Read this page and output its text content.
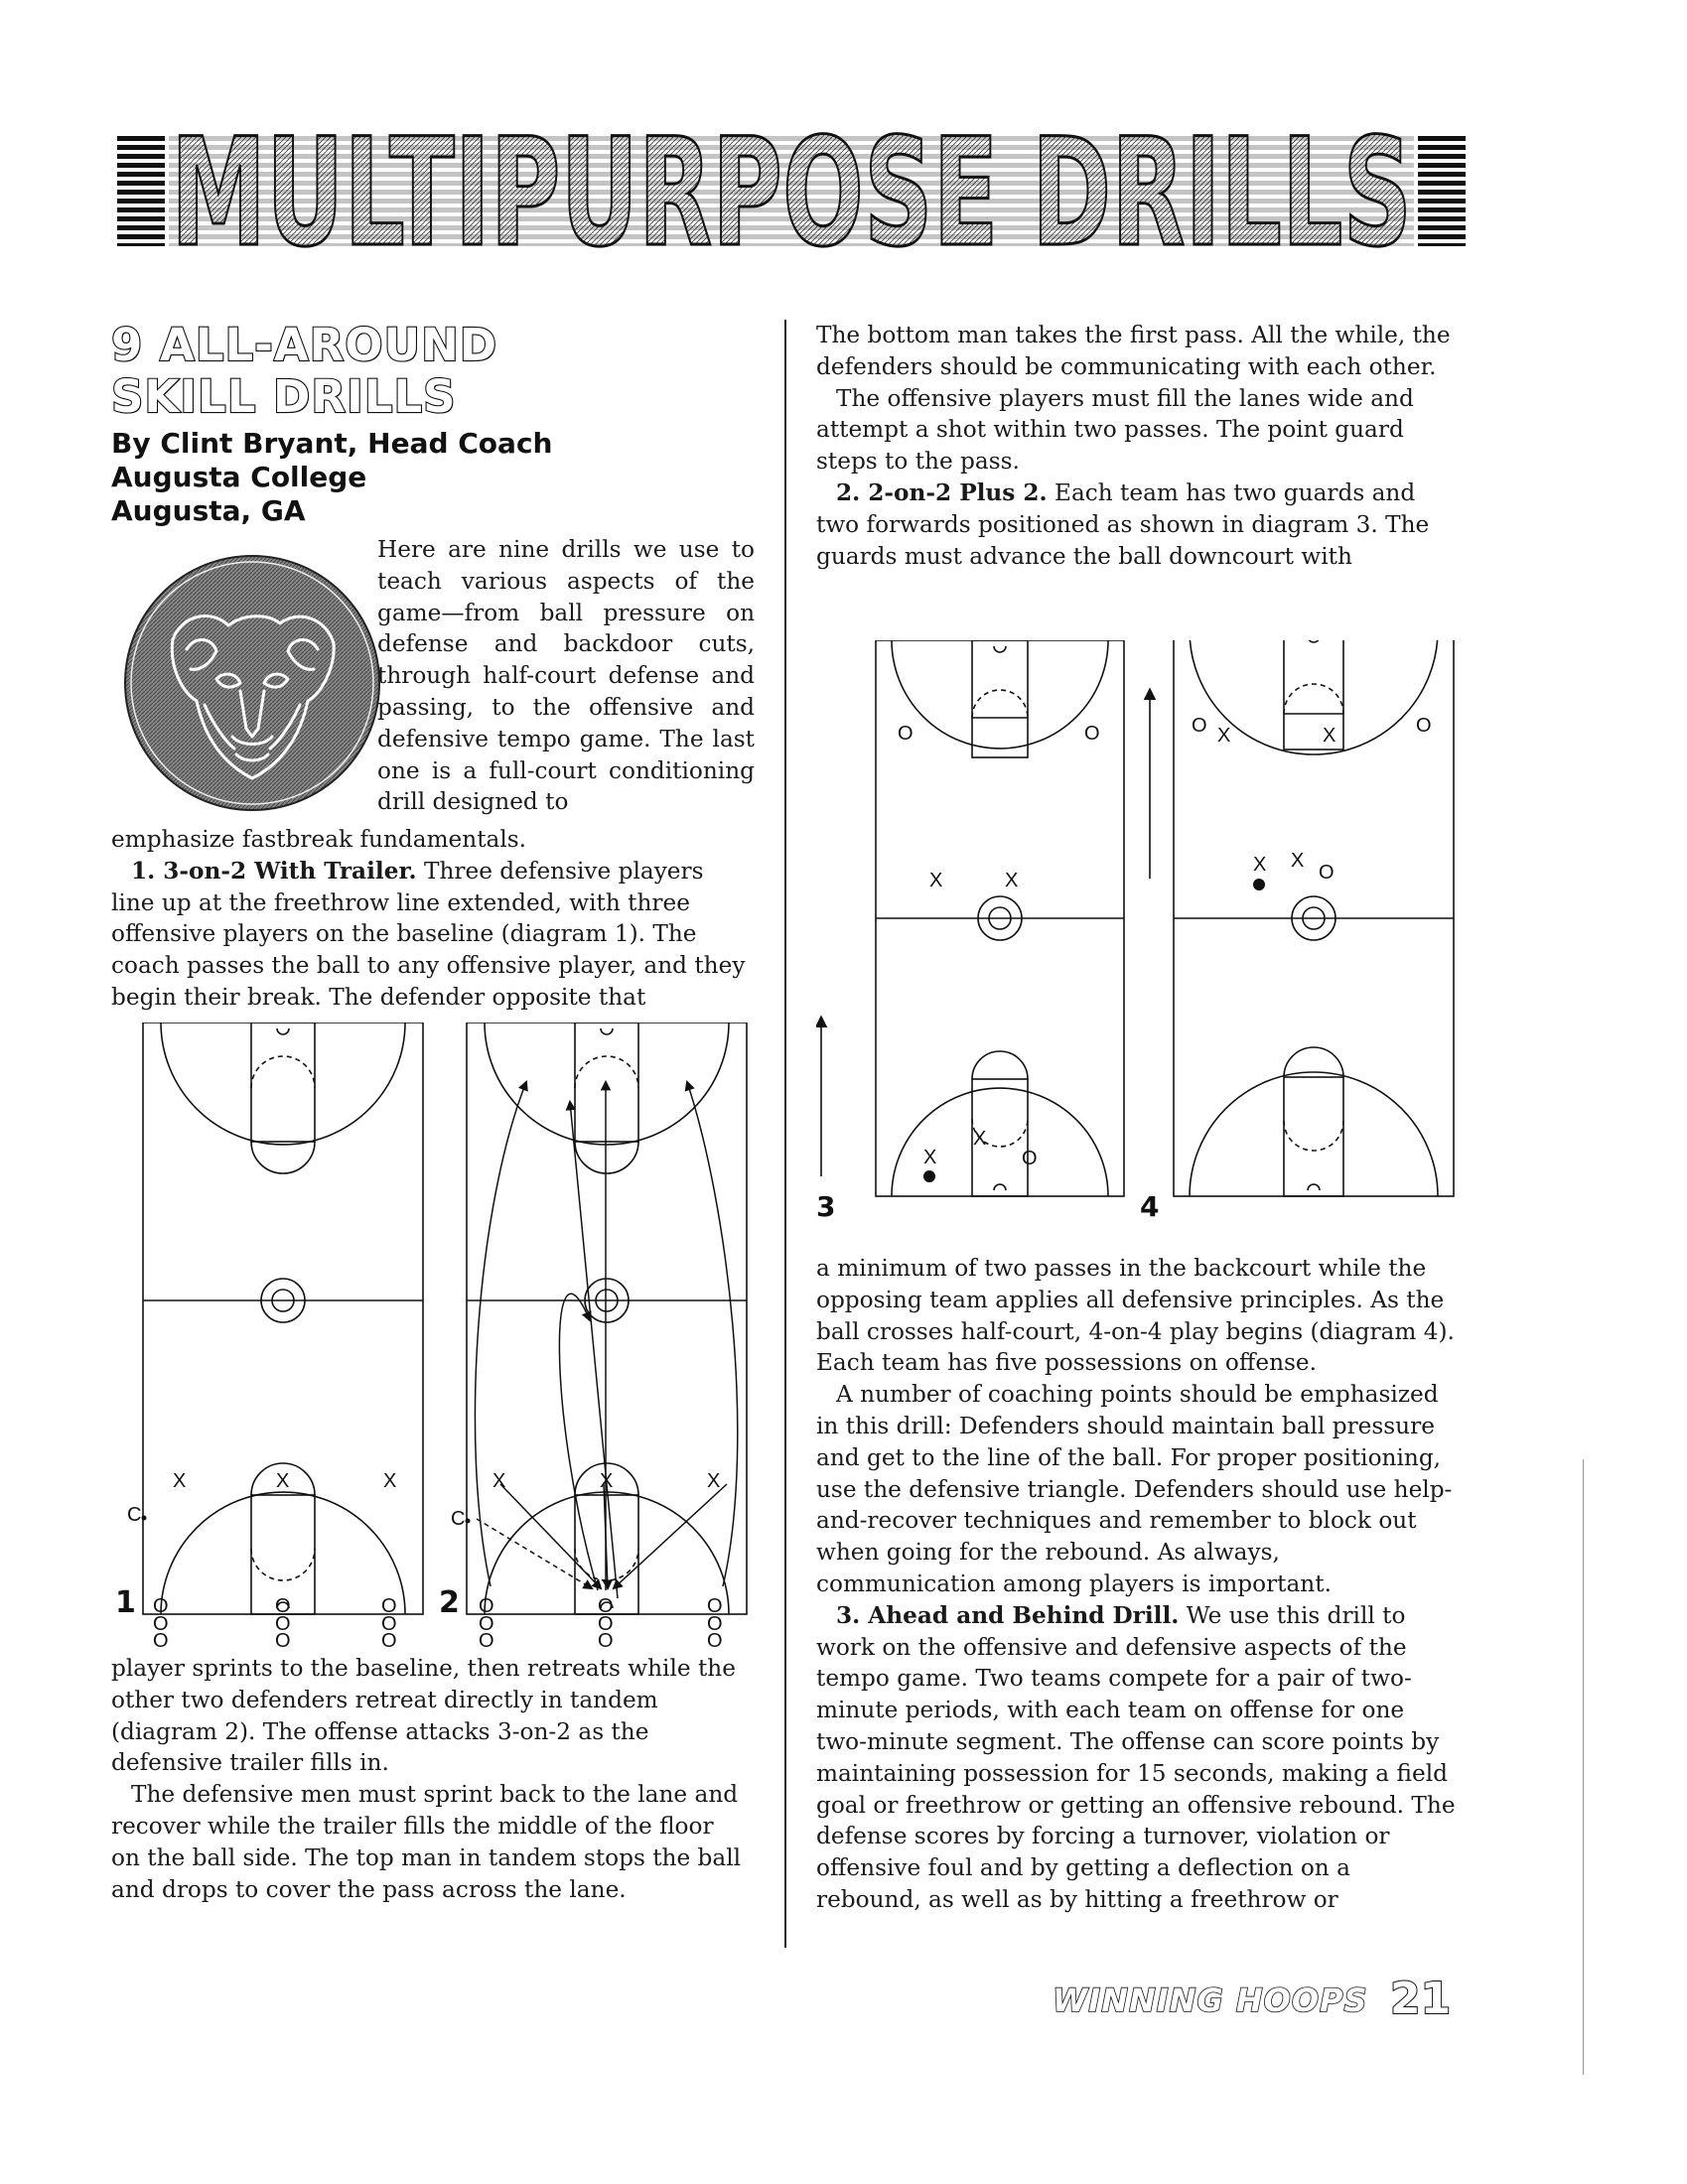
MULTIPURPOSE DRILLS
9 ALL-AROUND
SKILL DRILLS
By Clint Bryant, Head Coach
Augusta College
Augusta, GA
Here are nine drills we use to teach various aspects of the game—from ball pressure on defense and backdoor cuts, through half-court defense and passing, to the offensive and defensive tempo game. The last one is a full-court conditioning drill designed to

emphasize fastbreak fundamentals.

1. 3-on-2 With Trailer. Three defensive players line up at the freethrow line extended, with three offensive players on the baseline (diagram 1). The coach passes the ball to any offensive player, and they begin their break. The defender opposite that

C
X	X	X
O
O
O
O
O
O
O
O
O
1
C
X	X	X
O
O
O
O
O
O
O
O
O
2

player sprints to the baseline, then retreats while the other two defenders retreat directly in tandem (diagram 2). The offense attacks 3-on-2 as the defensive trailer fills in.

The defensive men must sprint back to the lane and recover while the trailer fills the middle of the floor on the ball side. The top man in tandem stops the ball and drops to cover the pass across the lane.

The bottom man takes the first pass. All the while, the defenders should be communicating with each other.

The offensive players must fill the lanes wide and attempt a shot within two passes. The point guard steps to the pass.

2. 2-on-2 Plus 2. Each team has two guards and two forwards positioned as shown in diagram 3. The guards must advance the ball downcourt with

O	O
X	X
X
X
O
3
O X	X	O
X X
O
4

a minimum of two passes in the backcourt while the opposing team applies all defensive principles. As the ball crosses half-court, 4-on-4 play begins (diagram 4). Each team has five possessions on offense.

A number of coaching points should be emphasized in this drill: Defenders should maintain ball pressure and get to the line of the ball. For proper positioning, use the defensive triangle. Defenders should use help-and-recover techniques and remember to block out when going for the rebound. As always, communication among players is important.

3. Ahead and Behind Drill. We use this drill to work on the offensive and defensive aspects of the tempo game. Two teams compete for a pair of two-minute periods, with each team on offense for one two-minute segment. The offense can score points by maintaining possession for 15 seconds, making a field goal or freethrow or getting an offensive rebound. The defense scores by forcing a turnover, violation or offensive foul and by getting a deflection on a rebound, as well as by hitting a freethrow or

WINNING HOOPS 21
